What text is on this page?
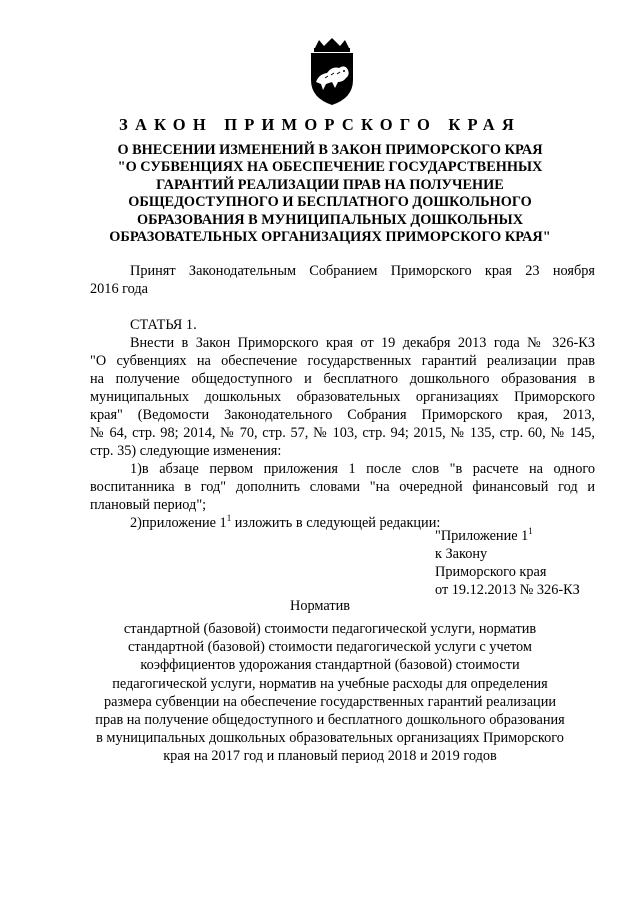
ЗАКОН ПРИМОРСКОГО КРАЯ
О ВНЕСЕНИИ ИЗМЕНЕНИЙ В ЗАКОН ПРИМОРСКОГО КРАЯ
"О СУБВЕНЦИЯХ НА ОБЕСПЕЧЕНИЕ ГОСУДАРСТВЕННЫХ
ГАРАНТИЙ РЕАЛИЗАЦИИ ПРАВ НА ПОЛУЧЕНИЕ
ОБЩЕДОСТУПНОГО И БЕСПЛАТНОГО ДОШКОЛЬНОГО
ОБРАЗОВАНИЯ В МУНИЦИПАЛЬНЫХ ДОШКОЛЬНЫХ
ОБРАЗОВАТЕЛЬНЫХ ОРГАНИЗАЦИЯХ ПРИМОРСКОГО КРАЯ"
Принят Законодательным Собранием Приморского края 23 ноября
2016 года
СТАТЬЯ 1.
Внести в Закон Приморского края от 19 декабря 2013 года № 326-КЗ
"О субвенциях на обеспечение государственных гарантий реализации прав
на получение общедоступного и бесплатного дошкольного образования в
муниципальных дошкольных образовательных организациях Приморского
края" (Ведомости Законодательного Собрания Приморского края, 2013,
№ 64, стр. 98; 2014, № 70, стр. 57, № 103, стр. 94; 2015, № 135, стр. 60, № 145,
стр. 35) следующие изменения:
1)в абзаце первом приложения 1 после слов "в расчете на одного
воспитанника в год" дополнить словами "на очередной финансовый год и
плановый период";
2)приложение $1^1$ изложить в следующей редакции:
"Приложение $1^1$
к Закону
Приморского края
от 19.12.2013 № 326-КЗ
Норматив
стандартной (базовой) стоимости педагогической услуги, норматив
стандартной (базовой) стоимости педагогической услуги с учетом
коэффициентов удорожания стандартной (базовой) стоимости
педагогической услуги, норматив на учебные расходы для определения
размера субвенции на обеспечение государственных гарантий реализации
прав на получение общедоступного и бесплатного дошкольного образования
в муниципальных дошкольных образовательных организациях Приморского
края на 2017 год и плановый период 2018 и 2019 годов
